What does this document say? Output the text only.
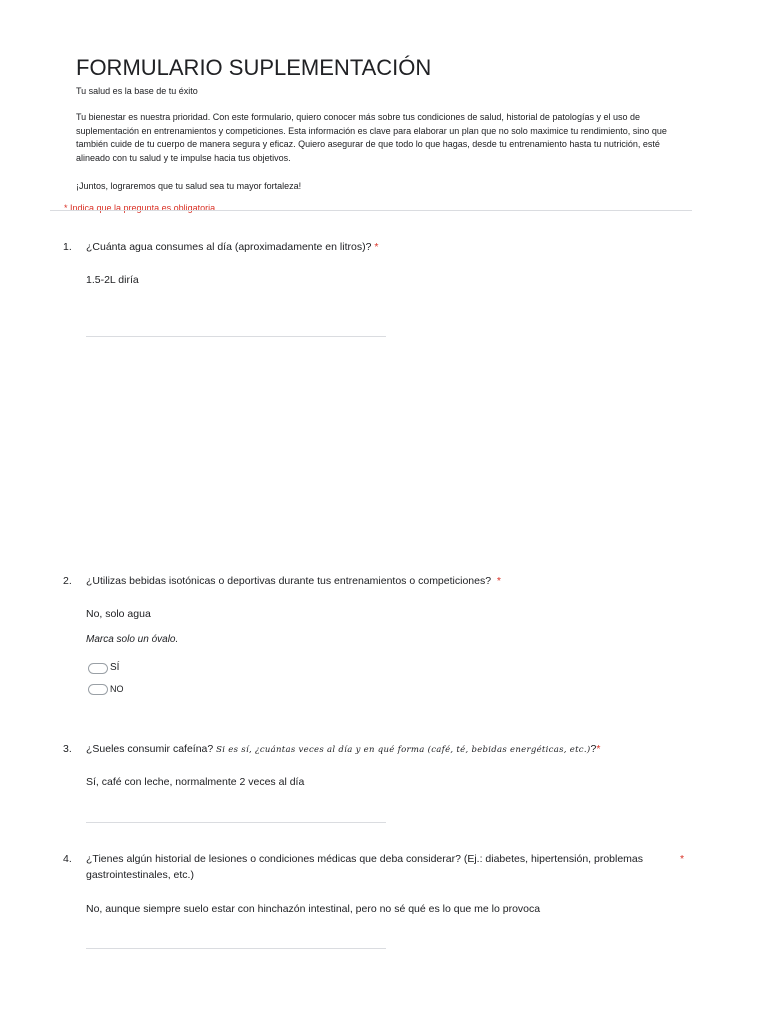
FORMULARIO SUPLEMENTACIÓN

Tu salud es la base de tu éxito

Tu bienestar es nuestra prioridad. Con este formulario, quiero conocer más sobre tus condiciones de salud, historial de patologías y el uso de suplementación en entrenamientos y competiciones. Esta información es clave para elaborar un plan que no solo maximice tu rendimiento, sino que también cuide de tu cuerpo de manera segura y eficaz. Quiero asegurar de que todo lo que hagas, desde tu entrenamiento hasta tu nutrición, esté alineado con tu salud y te impulse hacia tus objetivos.

¡Juntos, lograremos que tu salud sea tu mayor fortaleza!

* Indica que la pregunta es obligatoria

1. ¿Cuánta agua consumes al día (aproximadamente en litros)? *
1.5-2L diría
2. ¿Utilizas bebidas isotónicas o deportivas durante tus entrenamientos o competiciones? *
No, solo agua
Marca solo un óvalo.
SÍ
NO
3. ¿Sueles consumir cafeína? Si es sí, ¿cuántas veces al día y en qué forma (café, té, bebidas energéticas, etc.)?*
Sí, café con leche, normalmente 2 veces al día
4. ¿Tienes algún historial de lesiones o condiciones médicas que deba considerar? (Ej.: diabetes, hipertensión, problemas
gastrointestinales, etc.)
*
No, aunque siempre suelo estar con hinchazón intestinal, pero no sé qué es lo que me lo provoca
